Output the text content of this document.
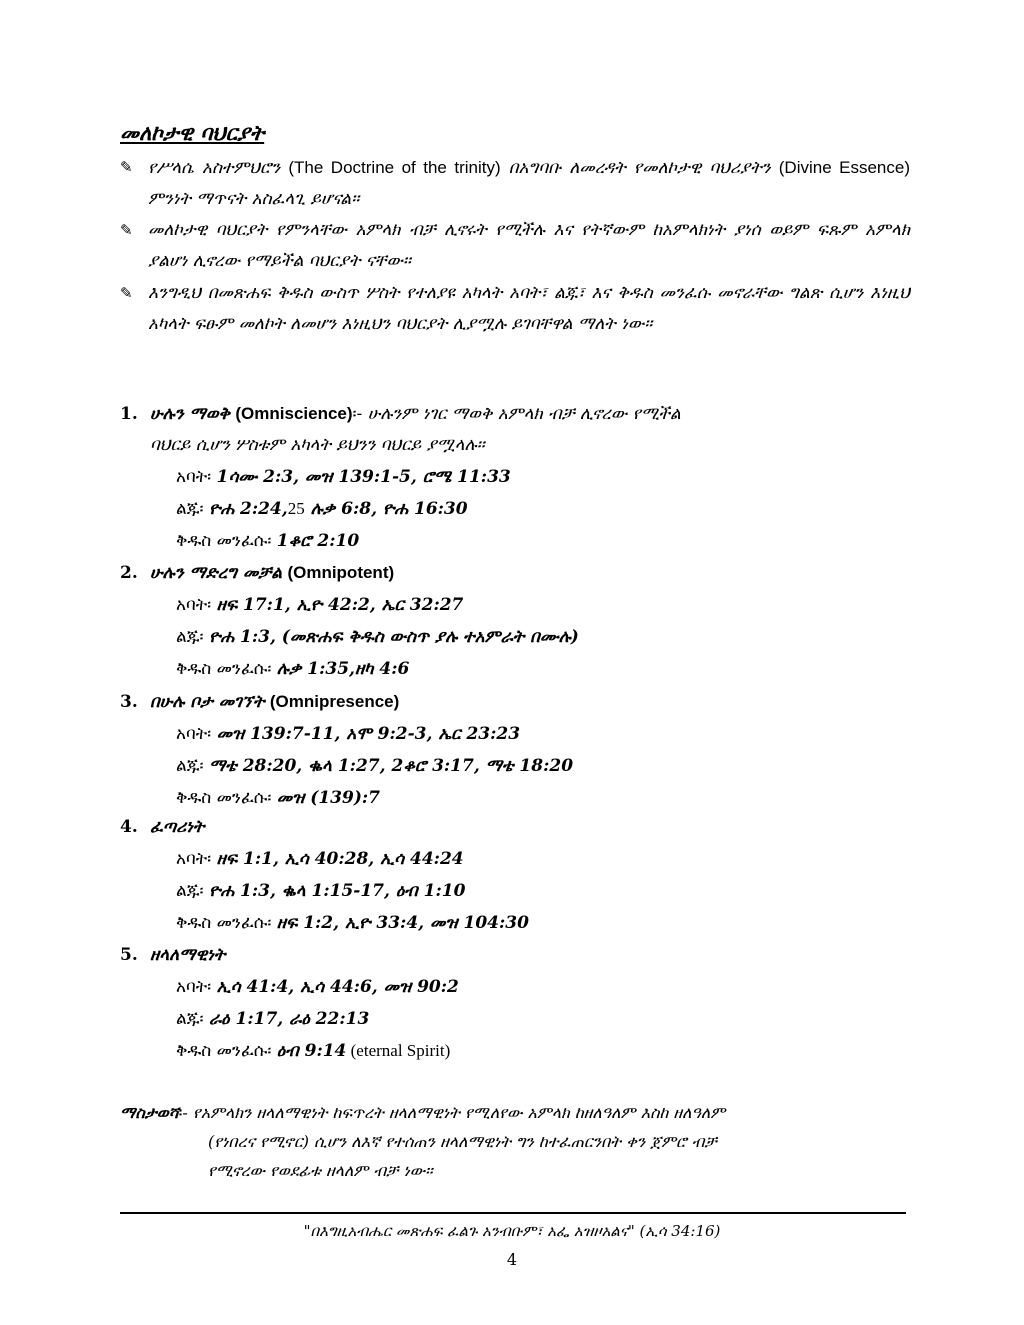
መለኮታዊ ባህርያት
✎ የሥላሴ አስተምህሮን (The Doctrine of the trinity) በአግባቡ ለመረዳት የመለኮታዊ ባህሪያትን (Divine Essence) ምንነት ማጥናት አስፈላጊ ይሆናል፡፡
✎ መለኮታዊ ባህርያት የምንላቸው አምላክ ብቻ ሊኖሩት የሚችሉ እና የትኛውም ከአምላክነት ያነሰ ወይም ፍጹም አምላክ ያልሆነ ሊኖረው የማይችል ባህርያት ናቸው፡፡
✎ እንግዲህ በመጽሐፍ ቅዱስ ውስጥ ሦስት የተለያዩ አካላት አባት፣ ልጁ፣ እና ቅዱስ መንፈሱ መኖራቸው ግልጽ ሲሆን እነዚህ አካላት ፍፁም መለኮት ለመሆን እነዚህን ባህርያት ሊያሟሉ ይገባቸዋል ማለት ነው፡፡
1. ሁሉን ማወቅ (Omniscience)፡- ሁሉንም ነገር ማወቅ አምላክ ብቻ ሊኖረው የሚችል
ባህርይ ሲሆን ሦስቱም አካላት ይህንን ባህርይ ያሟላሉ፡፡
አባት፡ 1ሳሙ 2:3, መዝ 139:1-5, ሮሜ 11:33
ልጁ፡ ዮሐ 2:24,25 ሉቃ 6:8, ዮሐ 16:30
ቅዱስ መንፈሱ፡ 1ቆሮ 2:10
2. ሁሉን ማድረግ መቻል (Omnipotent)
አባት፡ ዘፍ 17:1, ኢዮ 42:2, ኤር 32:27
ልጁ፡ ዮሐ 1:3, (መጽሐፍ ቅዱስ ውስጥ ያሉ ተአምራት በሙሉ)
ቅዱስ መንፈሱ፡ ሉቃ 1:35,ዘካ 4:6
3. በሁሉ ቦታ መገኘት (Omnipresence)
አባት፡ መዝ 139:7-11, አሞ 9:2-3, ኤር 23:23
ልጁ፡ ማቴ 28:20, ቈላ 1:27, 2ቆሮ 3:17, ማቴ 18:20
ቅዱስ መንፈሱ፡ መዝ (139):7
4. ፈጣሪነት
አባት፡ ዘፍ 1:1, ኢሳ 40:28, ኢሳ 44:24
ልጁ፡ ዮሐ 1:3, ቈላ 1:15-17, ዕብ 1:10
ቅዱስ መንፈሱ፡ ዘፍ 1:2, ኢዮ 33:4, መዝ 104:30
5. ዘላለማዊነት
አባት፡ ኢሳ 41:4, ኢሳ 44:6, መዝ 90:2
ልጁ፡ ራዕ 1:17, ራዕ 22:13
ቅዱስ መንፈሱ፡ ዕብ 9:14 (eternal Spirit)
ማስታወሻ፡- የአምላክን ዘላለማዊነት ከፍጥረት ዘላለማዊነት የሚለየው አምላክ ከዘለዓለም እስከ ዘለዓለም
(የነበረና የሚኖር) ሲሆን ለእኛ የተሰጠን ዘላለማዊነት ግን ከተፈጠርንበት ቀን ጀምሮ ብቻ
የሚኖረው የወደፊቱ ዘላለም ብቻ ነው፡፡
"በእግዚአብሔር መጽሐፍ ፈልጉ አንብቡም፣ አፌ አዝዞአልና" (ኢሳ 34:16)
4
